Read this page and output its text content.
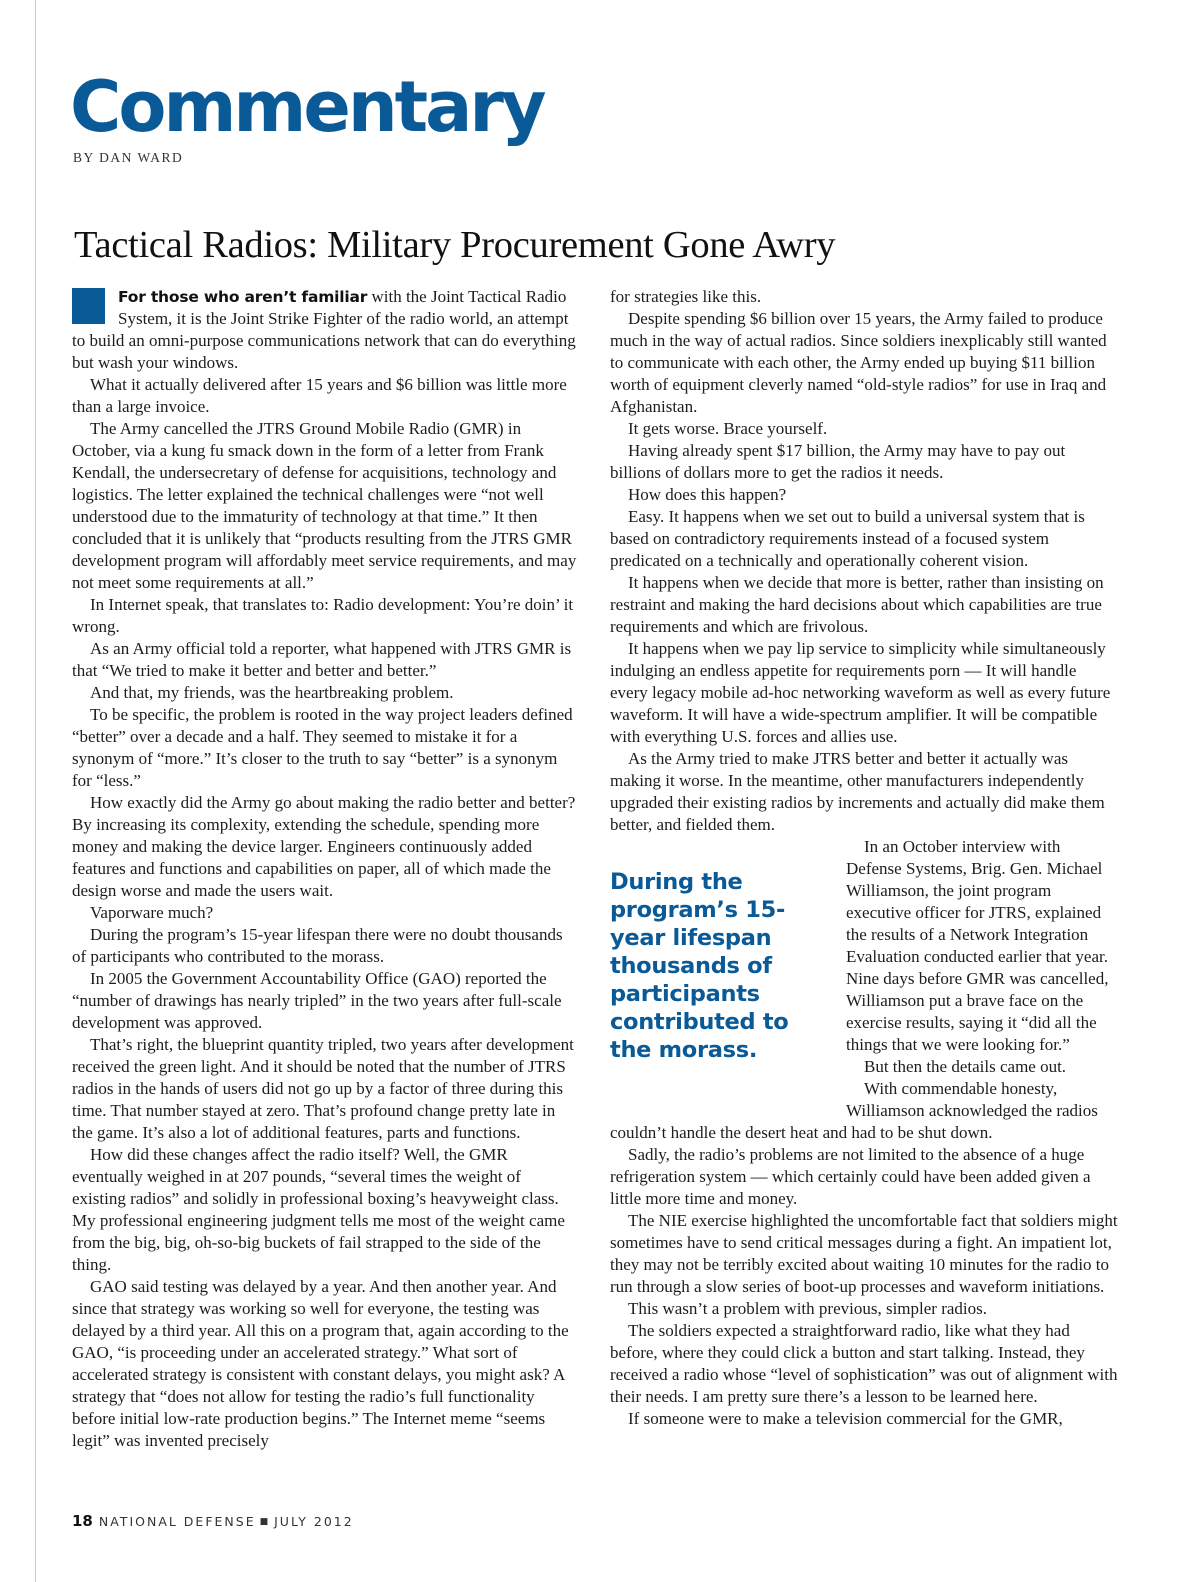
Commentary
BY DAN WARD
Tactical Radios: Military Procurement Gone Awry

For those who aren’t familiar with the Joint Tactical Radio System, it is the Joint Strike Fighter of the radio world, an attempt to build an omni-purpose communications network that can do everything but wash your windows.

What it actually delivered after 15 years and $6 billion was little more than a large invoice.

The Army cancelled the JTRS Ground Mobile Radio (GMR) in October, via a kung fu smack down in the form of a letter from Frank Kendall, the undersecretary of defense for acquisitions, technology and logistics. The letter explained the technical challenges were “not well understood due to the immaturity of technology at that time.” It then concluded that it is unlikely that “products resulting from the JTRS GMR development program will affordably meet service requirements, and may not meet some requirements at all.”

In Internet speak, that translates to: Radio development: You’re doin’ it wrong.

As an Army official told a reporter, what happened with JTRS GMR is that “We tried to make it better and better and better.”

And that, my friends, was the heartbreaking problem.

To be specific, the problem is rooted in the way project leaders defined “better” over a decade and a half. They seemed to mistake it for a synonym of “more.” It’s closer to the truth to say “better” is a synonym for “less.”

How exactly did the Army go about making the radio better and better? By increasing its complexity, extending the schedule, spending more money and making the device larger. Engineers continuously added features and functions and capabilities on paper, all of which made the design worse and made the users wait.

Vaporware much?

During the program’s 15-year lifespan there were no doubt thousands of participants who contributed to the morass.

In 2005 the Government Accountability Office (GAO) reported the “number of drawings has nearly tripled” in the two years after full-scale development was approved.

That’s right, the blueprint quantity tripled, two years after development received the green light. And it should be noted that the number of JTRS radios in the hands of users did not go up by a factor of three during this time. That number stayed at zero. That’s profound change pretty late in the game. It’s also a lot of additional features, parts and functions.

How did these changes affect the radio itself? Well, the GMR eventually weighed in at 207 pounds, “several times the weight of existing radios” and solidly in professional boxing’s heavyweight class. My professional engineering judgment tells me most of the weight came from the big, big, oh-so-big buckets of fail strapped to the side of the thing.

GAO said testing was delayed by a year. And then another year. And since that strategy was working so well for everyone, the testing was delayed by a third year. All this on a program that, again according to the GAO, “is proceeding under an accelerated strategy.” What sort of accelerated strategy is consistent with constant delays, you might ask? A strategy that “does not allow for testing the radio’s full functionality before initial low-rate production begins.” The Internet meme “seems legit” was invented precisely

for strategies like this.

Despite spending $6 billion over 15 years, the Army failed to produce much in the way of actual radios. Since soldiers inexplicably still wanted to communicate with each other, the Army ended up buying $11 billion worth of equipment cleverly named “old-style radios” for use in Iraq and Afghanistan.

It gets worse. Brace yourself.

Having already spent $17 billion, the Army may have to pay out billions of dollars more to get the radios it needs.

How does this happen?

Easy. It happens when we set out to build a universal system that is based on contradictory requirements instead of a focused system predicated on a technically and operationally coherent vision.

It happens when we decide that more is better, rather than insisting on restraint and making the hard decisions about which capabilities are true requirements and which are frivolous.

It happens when we pay lip service to simplicity while simultaneously indulging an endless appetite for requirements porn — It will handle every legacy mobile ad-hoc networking waveform as well as every future waveform. It will have a wide-spectrum amplifier. It will be compatible with everything U.S. forces and allies use.

As the Army tried to make JTRS better and better it actually was making it worse. In the meantime, other manufacturers independently upgraded their existing radios by increments and actually did make them better, and fielded them.

During the program’s 15-year lifespan thousands of participants contributed to the morass.

In an October interview with Defense Systems, Brig. Gen. Michael Williamson, the joint program executive officer for JTRS, explained the results of a Network Integration Evaluation conducted earlier that year. Nine days before GMR was cancelled, Williamson put a brave face on the exercise results, saying it “did all the things that we were looking for.”

But then the details came out.

With commendable honesty, Williamson acknowledged the radios couldn’t handle the desert heat and had to be shut down.

Sadly, the radio’s problems are not limited to the absence of a huge refrigeration system — which certainly could have been added given a little more time and money.

The NIE exercise highlighted the uncomfortable fact that soldiers might sometimes have to send critical messages during a fight. An impatient lot, they may not be terribly excited about waiting 10 minutes for the radio to run through a slow series of boot-up processes and waveform initiations.

This wasn’t a problem with previous, simpler radios.

The soldiers expected a straightforward radio, like what they had before, where they could click a button and start talking. Instead, they received a radio whose “level of sophistication” was out of alignment with their needs. I am pretty sure there’s a lesson to be learned here.

If someone were to make a television commercial for the GMR,

18 NATIONAL DEFENSE ■ JULY 2012
